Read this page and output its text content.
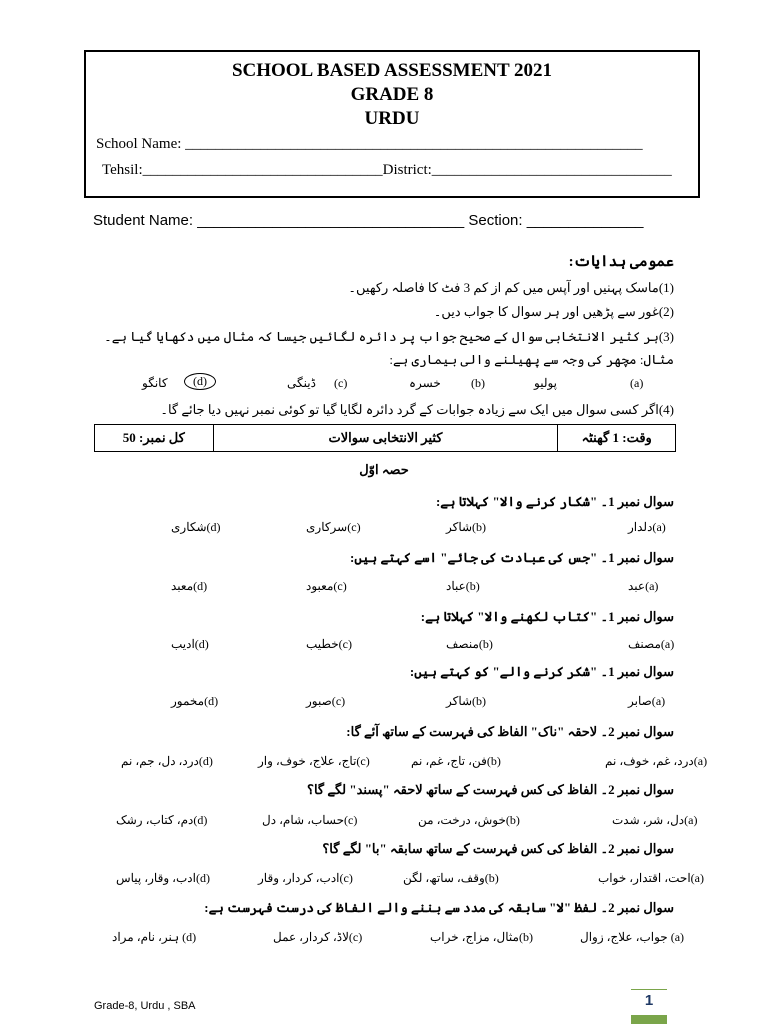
SCHOOL BASED ASSESSMENT 2021
GRADE 8
URDU
School Name: _____________________________________________________________
Tehsil:________________________________District:________________________________
Student Name: ________________________________ Section: ______________
عمومی ہدایات:
(1)ماسک پہنیں اور آپس میں کم از کم 3 فٹ کا فاصلہ رکھیں۔
(2)غور سے پڑھیں اور ہر سوال کا جواب دیں۔
(3)ہر کثیر الانتخابی سوال کے صحیح جواب پر دائرہ لگائیں جیسا کہ مثال میں دکھایا گیا ہے۔
مثال: مچھر کی وجہ سے پھیلنے والی بیماری ہے:
(a)
پولیو
(b)
خسرہ
(c)
ڈینگی
(d)
کانگو
(4)اگر کسی سوال میں ایک سے زیادہ جوابات کے گرد دائرہ لگایا گیا تو کوئی نمبر نہیں دیا جائے گا۔
وقت: 1 گھنٹہ
کثیر الانتخابی سوالات
کل نمبر: 50
حصہ اوّل
سوال نمبر 1۔ "شکار کرنے والا" کہلاتا ہے:
(a)دلدار
(b)شاکر
(c)سرکاری
(d)شکاری
سوال نمبر 1۔ "جس کی عبادت کی جائے" اسے کہتے ہیں:
(a)عبد
(b)عباد
(c)معبود
(d)معبد
سوال نمبر 1۔ "کتاب لکھنے والا" کہلاتا ہے:
(a)مصنف
(b)منصف
(c)خطیب
(d)ادیب
سوال نمبر 1۔ "شکر کرنے والے" کو کہتے ہیں:
(a)صابر
(b)شاکر
(c)صبور
(d)مخمور
سوال نمبر 2۔ لاحقہ "ناک" الفاظ کی فہرست کے ساتھ آئے گا:
(a)درد، غم، خوف، نم
(b)فن، تاج، غم، نم
(c)تاج، علاج، خوف، وار
(d)درد، دل، جم، نم
سوال نمبر 2۔ الفاظ کی کس فہرست کے ساتھ لاحقہ "پسند" لگے گا؟
(a)دل، شر، شدت
(b)خوش، درخت، من
(c)حساب، شام، دل
(d)دم، کتاب، رشک
سوال نمبر 2۔ الفاظ کی کس فہرست کے ساتھ سابقہ "با" لگے گا؟
(a)احت، اقتدار، خواب
(b)وقف، ساتھ، لگن
(c)ادب، کردار، وقار
(d)ادب، وقار، پیاس
سوال نمبر 2۔ لفظ "لا" سابقہ کی مدد سے بننے والے الفاظ کی درست فہرست ہے:
(a) جواب، علاج، زوال
(b)مثال، مزاج، خراب
(c)لاڈ، کردار، عمل
(d) ہنر، نام، مراد
Grade-8, Urdu , SBA	1
